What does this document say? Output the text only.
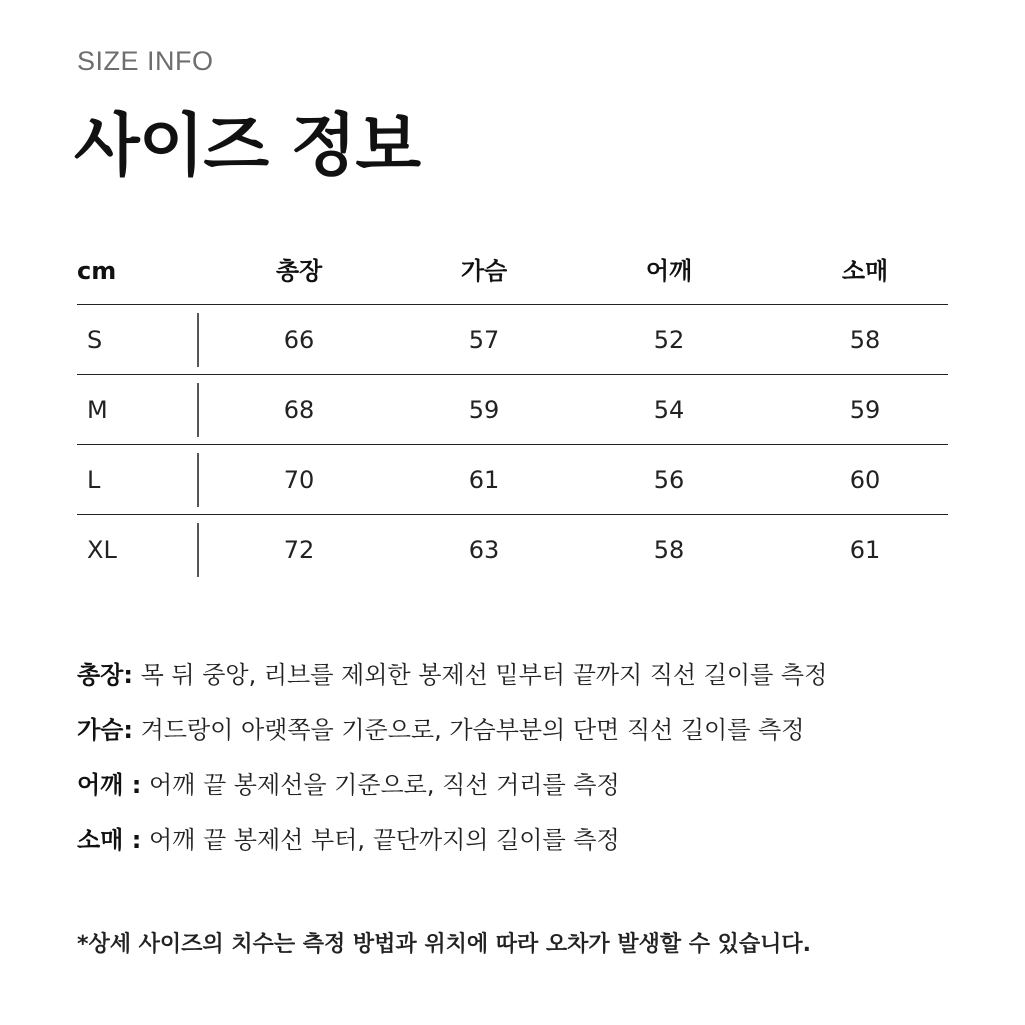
SIZE INFO
사이즈 정보
cm	총장	가슴	어깨	소매
S	66	57	52	58
M	68	59	54	59
L	70	61	56	60
XL	72	63	58	61
총장: 목 뒤 중앙, 리브를 제외한 봉제선 밑부터 끝까지 직선 길이를 측정
가슴: 겨드랑이 아랫쪽을 기준으로, 가슴부분의 단면 직선 길이를 측정
어깨 : 어깨 끝 봉제선을 기준으로, 직선 거리를 측정
소매 : 어깨 끝 봉제선 부터, 끝단까지의 길이를 측정
*상세 사이즈의 치수는 측정 방법과 위치에 따라 오차가 발생할 수 있습니다.
